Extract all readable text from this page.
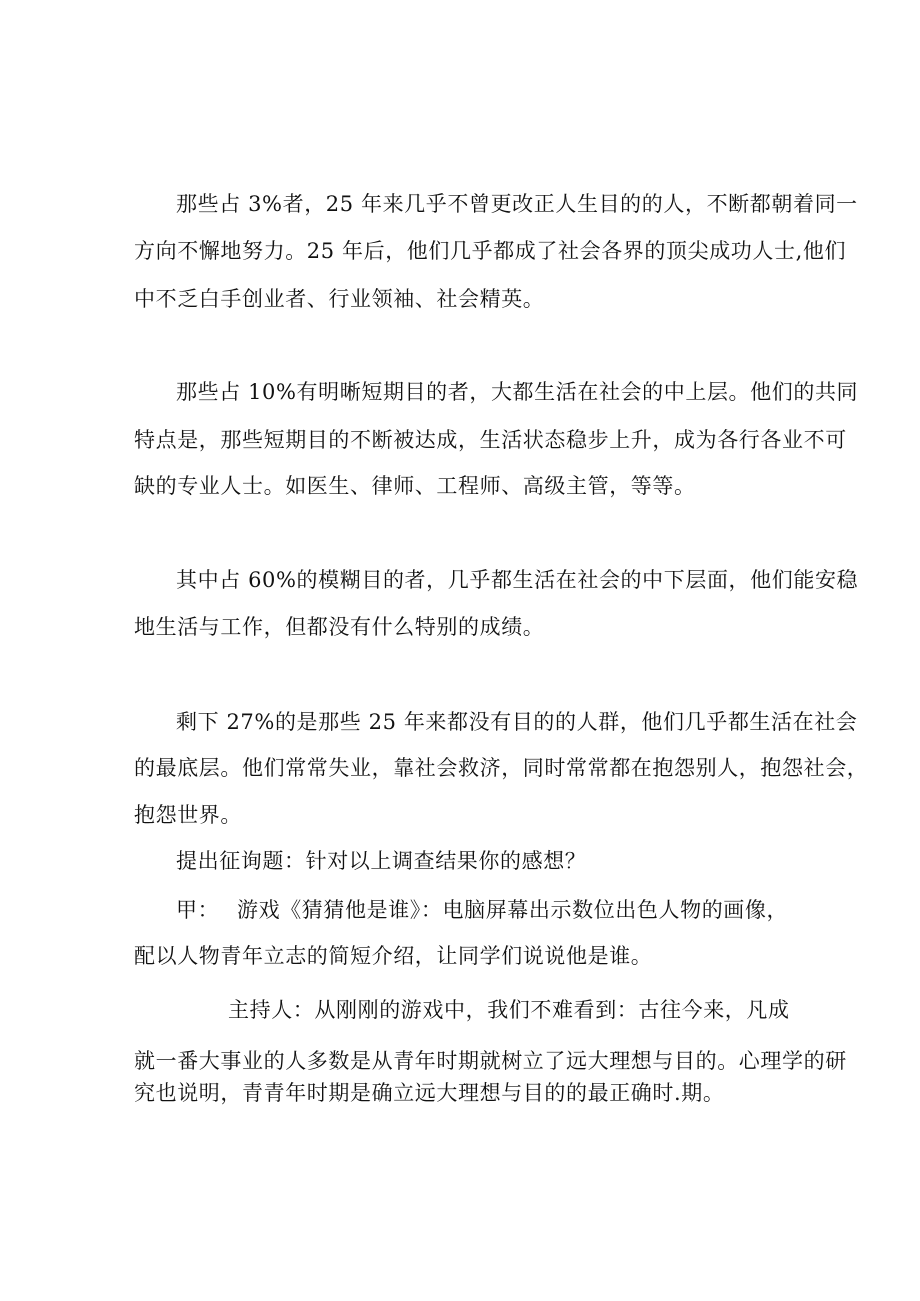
那些占 3%者，25 年来几乎不曾更改正人生目的的人，不断都朝着同一
方向不懈地努力。25 年后，他们几乎都成了社会各界的顶尖成功人士,他们
中不乏白手创业者、行业领袖、社会精英。
那些占 10%有明晰短期目的者，大都生活在社会的中上层。他们的共同
特点是，那些短期目的不断被达成，生活状态稳步上升，成为各行各业不可
缺的专业人士。如医生、律师、工程师、高级主管，等等。
其中占 60%的模糊目的者，几乎都生活在社会的中下层面，他们能安稳
地生活与工作，但都没有什么特别的成绩。
剩下 27%的是那些 25 年来都没有目的的人群，他们几乎都生活在社会
的最底层。他们常常失业，靠社会救济，同时常常都在抱怨别人，抱怨社会，
抱怨世界。
提出征询题：针对以上调查结果你的感想？
甲： 游戏《猜猜他是谁》：电脑屏幕出示数位出色人物的画像，
配以人物青年立志的简短介绍，让同学们说说他是谁。
主持人：从刚刚的游戏中，我们不难看到：古往今来，凡成
就一番大事业的人多数是从青年时期就树立了远大理想与目的。心理学的研
究也说明，青青年时期是确立远大理想与目的的最正确时.期。
